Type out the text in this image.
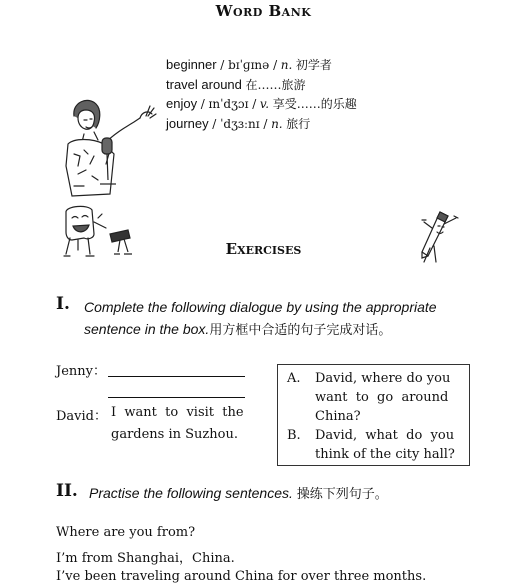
Word Bank
beginner / bɪˈɡɪnə / n. 初学者
travel around 在……旅游
enjoy / ɪnˈdʒɔɪ / v. 享受……的乐趣
journey / ˈdʒɜːnɪ / n. 旅行
Exercises
I. Complete the following dialogue by using the appropriate
sentence in the box.用方框中合适的句子完成对话。
Jenny：
David： I  want  to  visit  the
gardens in Suzhou.
A. David, where do you
want  to  go  around
China?
B. David,  what  do  you
think of the city hall?
II. Practise the following sentences. 操练下列句子。
Where are you from?
I’m from Shanghai，China.
I’ve been traveling around China for over three months.
